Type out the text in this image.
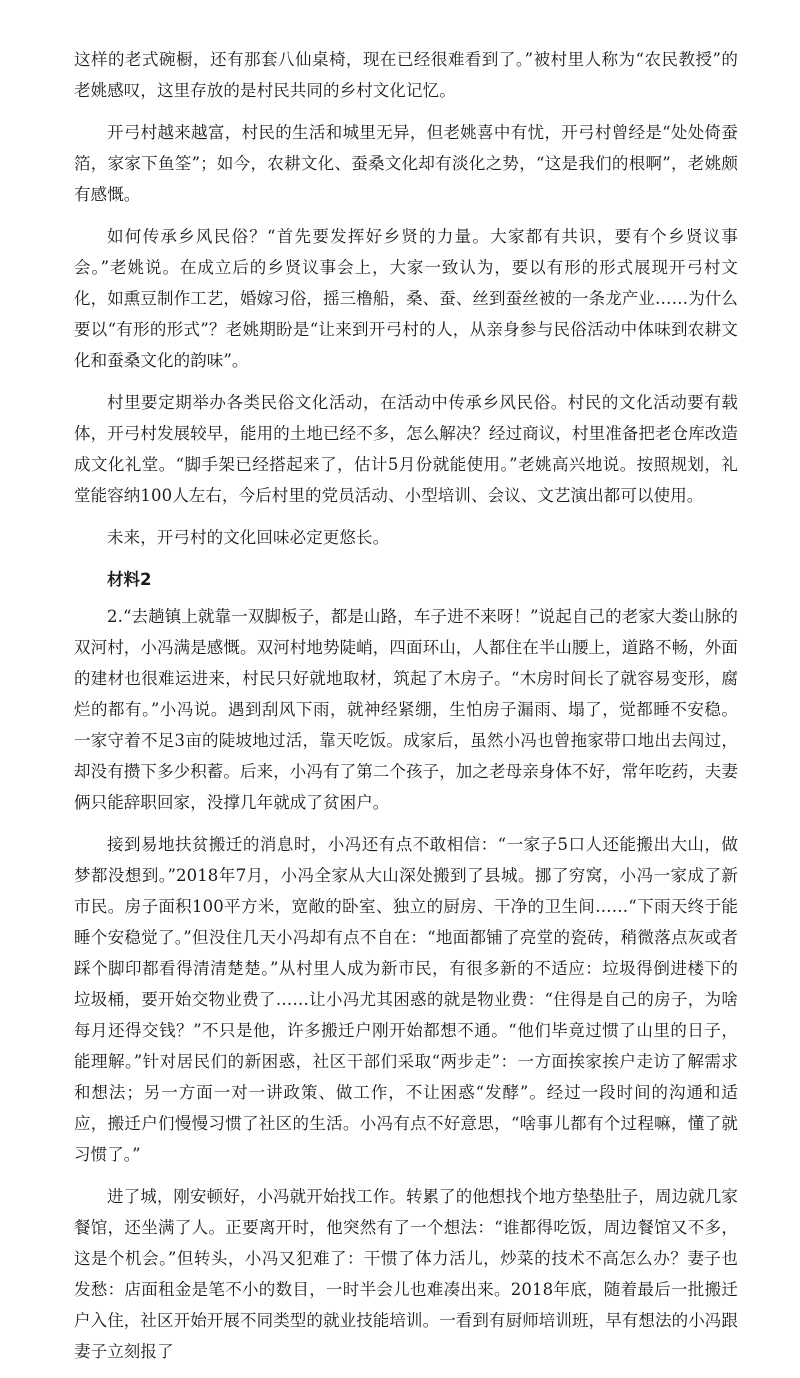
这样的老式碗橱，还有那套八仙桌椅，现在已经很难看到了。”被村里人称为“农民教授”的老姚感叹，这里存放的是村民共同的乡村文化记忆。

开弓村越来越富，村民的生活和城里无异，但老姚喜中有忧，开弓村曾经是“处处倚蚕箔，家家下鱼筌”；如今，农耕文化、蚕桑文化却有淡化之势，“这是我们的根啊”，老姚颇有感慨。

如何传承乡风民俗？“首先要发挥好乡贤的力量。大家都有共识，要有个乡贤议事会。”老姚说。在成立后的乡贤议事会上，大家一致认为，要以有形的形式展现开弓村文化，如熏豆制作工艺，婚嫁习俗，摇三橹船，桑、蚕、丝到蚕丝被的一条龙产业……为什么要以“有形的形式”？老姚期盼是“让来到开弓村的人，从亲身参与民俗活动中体味到农耕文化和蚕桑文化的韵味”。

村里要定期举办各类民俗文化活动，在活动中传承乡风民俗。村民的文化活动要有载体，开弓村发展较早，能用的土地已经不多，怎么解决？经过商议，村里准备把老仓库改造成文化礼堂。“脚手架已经搭起来了，估计5月份就能使用。”老姚高兴地说。按照规划，礼堂能容纳100人左右，今后村里的党员活动、小型培训、会议、文艺演出都可以使用。

未来，开弓村的文化回味必定更悠长。

材料2

2.“去趟镇上就靠一双脚板子，都是山路，车子进不来呀！”说起自己的老家大娄山脉的双河村，小冯满是感慨。双河村地势陡峭，四面环山，人都住在半山腰上，道路不畅，外面的建材也很难运进来，村民只好就地取材，筑起了木房子。“木房时间长了就容易变形，腐烂的都有。”小冯说。遇到刮风下雨，就神经紧绷，生怕房子漏雨、塌了，觉都睡不安稳。一家守着不足3亩的陡坡地过活，靠天吃饭。成家后，虽然小冯也曾拖家带口地出去闯过，却没有攒下多少积蓄。后来，小冯有了第二个孩子，加之老母亲身体不好，常年吃药，夫妻俩只能辞职回家，没撑几年就成了贫困户。

接到易地扶贫搬迁的消息时，小冯还有点不敢相信：“一家子5口人还能搬出大山，做梦都没想到。”2018年7月，小冯全家从大山深处搬到了县城。挪了穷窝，小冯一家成了新市民。房子面积100平方米，宽敞的卧室、独立的厨房、干净的卫生间……“下雨天终于能睡个安稳觉了。”但没住几天小冯却有点不自在：“地面都铺了亮堂的瓷砖，稍微落点灰或者踩个脚印都看得清清楚楚。”从村里人成为新市民，有很多新的不适应：垃圾得倒进楼下的垃圾桶，要开始交物业费了……让小冯尤其困惑的就是物业费：“住得是自己的房子，为啥每月还得交钱？”不只是他，许多搬迁户刚开始都想不通。“他们毕竟过惯了山里的日子，能理解。”针对居民们的新困惑，社区干部们采取“两步走”：一方面挨家挨户走访了解需求和想法；另一方面一对一讲政策、做工作，不让困惑“发酵”。经过一段时间的沟通和适应，搬迁户们慢慢习惯了社区的生活。小冯有点不好意思，“啥事儿都有个过程嘛，懂了就习惯了。”

进了城，刚安顿好，小冯就开始找工作。转累了的他想找个地方垫垫肚子，周边就几家餐馆，还坐满了人。正要离开时，他突然有了一个想法：“谁都得吃饭，周边餐馆又不多，这是个机会。”但转头，小冯又犯难了：干惯了体力活儿，炒菜的技术不高怎么办？妻子也发愁：店面租金是笔不小的数目，一时半会儿也难凑出来。2018年底，随着最后一批搬迁户入住，社区开始开展不同类型的就业技能培训。一看到有厨师培训班，早有想法的小冯跟妻子立刻报了
